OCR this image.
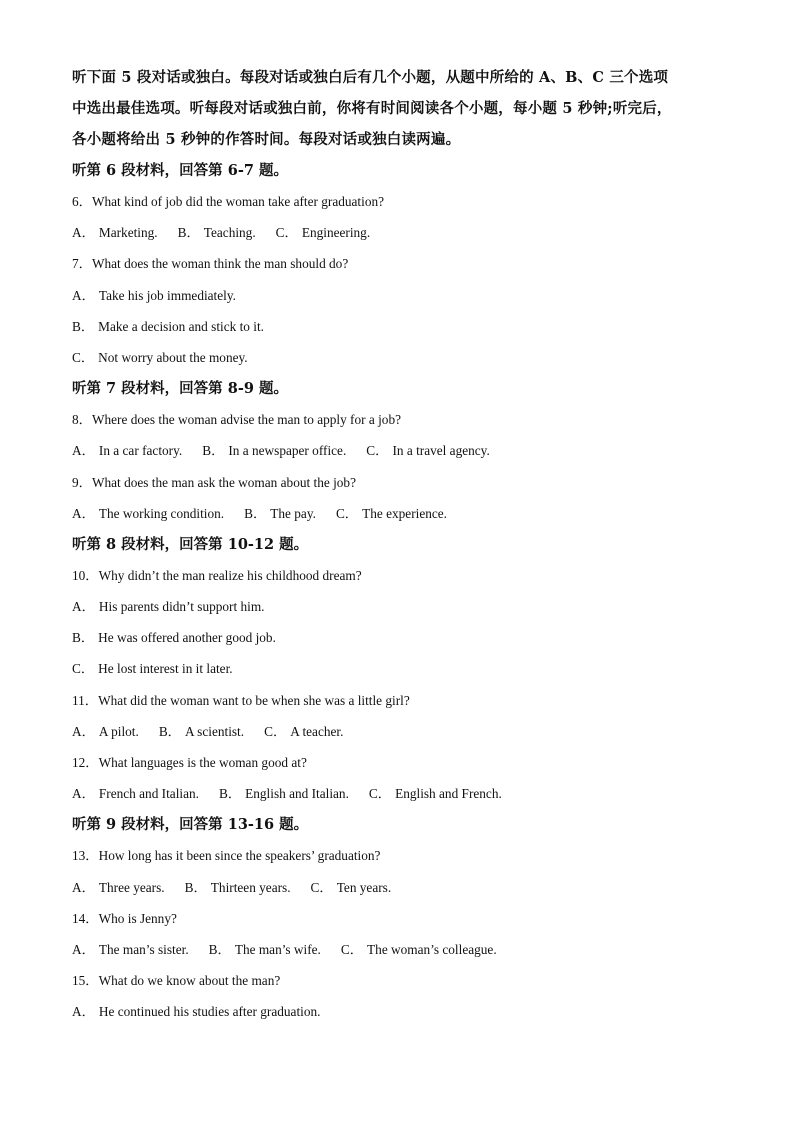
听下面 5 段对话或独白。每段对话或独白后有几个小题，从题中所给的 A、B、C 三个选项
中选出最佳选项。听每段对话或独白前，你将有时间阅读各个小题，每小题 5 秒钟;听完后，
各小题将给出 5 秒钟的作答时间。每段对话或独白读两遍。
听第 6 段材料，回答第 6-7 题。
6．What kind of job did the woman take after graduation?
A． Marketing. B． Teaching. C． Engineering.
7．What does the woman think the man should do?
A． Take his job immediately.
B． Make a decision and stick to it.
C． Not worry about the money.
听第 7 段材料，回答第 8-9 题。
8．Where does the woman advise the man to apply for a job?
A． In a car factory. B． In a newspaper office. C． In a travel agency.
9．What does the man ask the woman about the job?
A． The working condition. B． The pay. C． The experience.
听第 8 段材料，回答第 10-12 题。
10．Why didn’t the man realize his childhood dream?
A． His parents didn’t support him.
B． He was offered another good job.
C． He lost interest in it later.
11．What did the woman want to be when she was a little girl?
A． A pilot. B． A scientist. C． A teacher.
12．What languages is the woman good at?
A． French and Italian. B． English and Italian. C． English and French.
听第 9 段材料，回答第 13-16 题。
13．How long has it been since the speakers’ graduation?
A． Three years. B． Thirteen years. C． Ten years.
14．Who is Jenny?
A． The man’s sister. B． The man’s wife. C． The woman’s colleague.
15．What do we know about the man?
A． He continued his studies after graduation.
